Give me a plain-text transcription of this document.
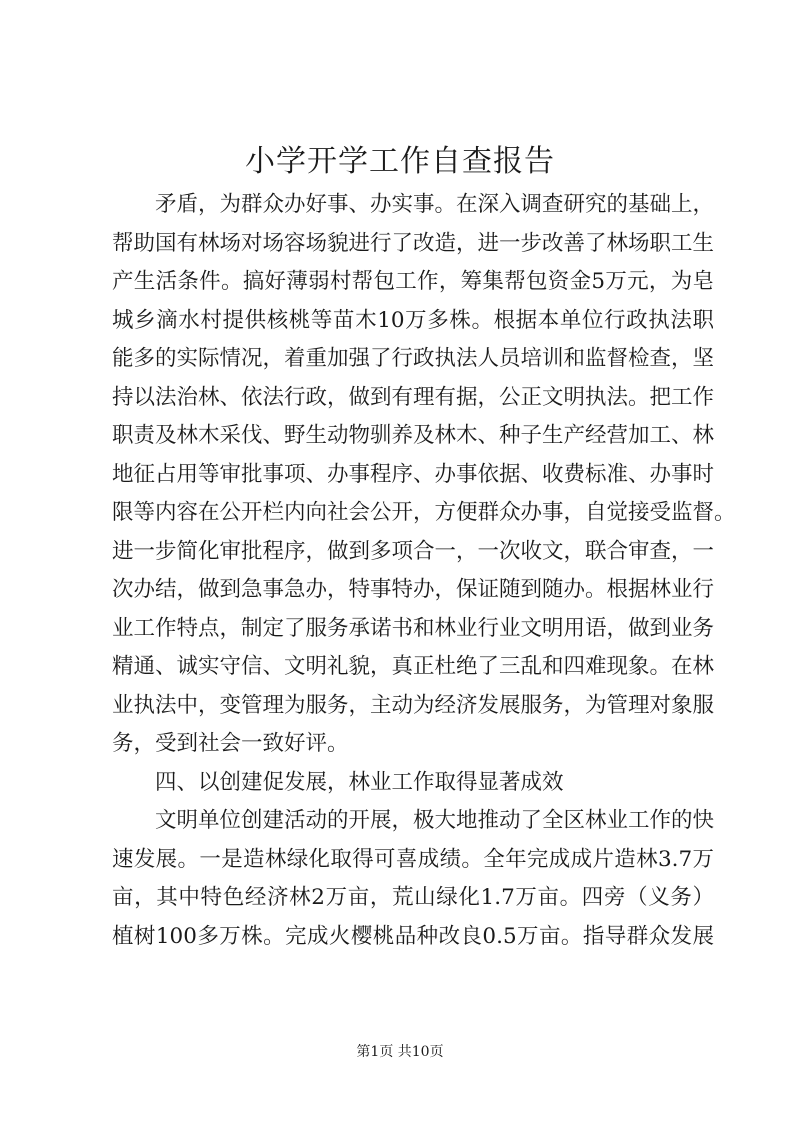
小学开学工作自查报告
矛盾，为群众办好事、办实事。在深入调查研究的基础上，
帮助国有林场对场容场貌进行了改造，进一步改善了林场职工生
产生活条件。搞好薄弱村帮包工作，筹集帮包资金5万元，为皂
城乡滴水村提供核桃等苗木10万多株。根据本单位行政执法职
能多的实际情况，着重加强了行政执法人员培训和监督检查，坚
持以法治林、依法行政，做到有理有据，公正文明执法。把工作
职责及林木采伐、野生动物驯养及林木、种子生产经营加工、林
地征占用等审批事项、办事程序、办事依据、收费标准、办事时
限等内容在公开栏内向社会公开，方便群众办事，自觉接受监督。
进一步简化审批程序，做到多项合一，一次收文，联合审查，一
次办结，做到急事急办，特事特办，保证随到随办。根据林业行
业工作特点，制定了服务承诺书和林业行业文明用语，做到业务
精通、诚实守信、文明礼貌，真正杜绝了三乱和四难现象。在林
业执法中，变管理为服务，主动为经济发展服务，为管理对象服
务，受到社会一致好评。
四、以创建促发展，林业工作取得显著成效
文明单位创建活动的开展，极大地推动了全区林业工作的快
速发展。一是造林绿化取得可喜成绩。全年完成成片造林3.7万
亩，其中特色经济林2万亩，荒山绿化1.7万亩。四旁（义务）
植树100多万株。完成火樱桃品种改良0.5万亩。指导群众发展
第1页 共10页
